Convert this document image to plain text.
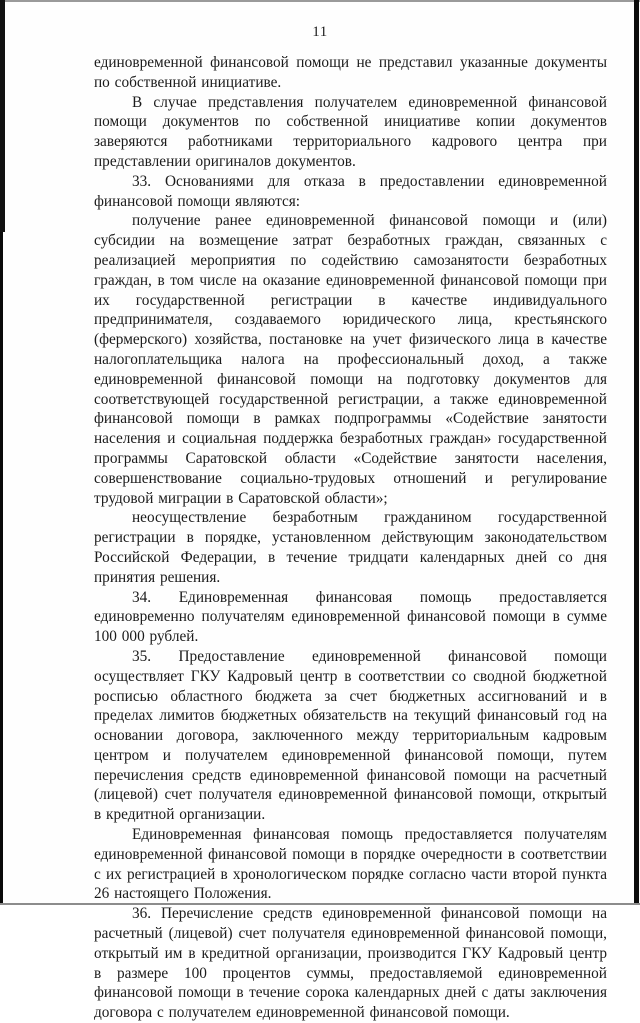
11

единовременной финансовой помощи не представил указанные документы по собственной инициативе.

В случае представления получателем единовременной финансовой помощи документов по собственной инициативе копии документов заверяются работниками территориального кадрового центра при представлении оригиналов документов.

33. Основаниями для отказа в предоставлении единовременной финансовой помощи являются:

получение ранее единовременной финансовой помощи и (или) субсидии на возмещение затрат безработных граждан, связанных с реализацией мероприятия по содействию самозанятости безработных граждан, в том числе на оказание единовременной финансовой помощи при их государственной регистрации в качестве индивидуального предпринимателя, создаваемого юридического лица, крестьянского (фермерского) хозяйства, постановке на учет физического лица в качестве налогоплательщика налога на профессиональный доход, а также единовременной финансовой помощи на подготовку документов для соответствующей государственной регистрации, а также единовременной финансовой помощи в рамках подпрограммы «Содействие занятости населения и социальная поддержка безработных граждан» государственной программы Саратовской области «Содействие занятости населения, совершенствование социально-трудовых отношений и регулирование трудовой миграции в Саратовской области»;

неосуществление безработным гражданином государственной регистрации в порядке, установленном действующим законодательством Российской Федерации, в течение тридцати календарных дней со дня принятия решения.

34. Единовременная финансовая помощь предоставляется единовременно получателям единовременной финансовой помощи в сумме 100 000 рублей.

35. Предоставление единовременной финансовой помощи осуществляет ГКУ Кадровый центр в соответствии со сводной бюджетной росписью областного бюджета за счет бюджетных ассигнований и в пределах лимитов бюджетных обязательств на текущий финансовый год на основании договора, заключенного между территориальным кадровым центром и получателем единовременной финансовой помощи, путем перечисления средств единовременной финансовой помощи на расчетный (лицевой) счет получателя единовременной финансовой помощи, открытый в кредитной организации.

Единовременная финансовая помощь предоставляется получателям единовременной финансовой помощи в порядке очередности в соответствии с их регистрацией в хронологическом порядке согласно части второй пункта 26 настоящего Положения.

36. Перечисление средств единовременной финансовой помощи на расчетный (лицевой) счет получателя единовременной финансовой помощи, открытый им в кредитной организации, производится ГКУ Кадровый центр в размере 100 процентов суммы, предоставляемой единовременной финансовой помощи в течение сорока календарных дней с даты заключения договора с получателем единовременной финансовой помощи.
